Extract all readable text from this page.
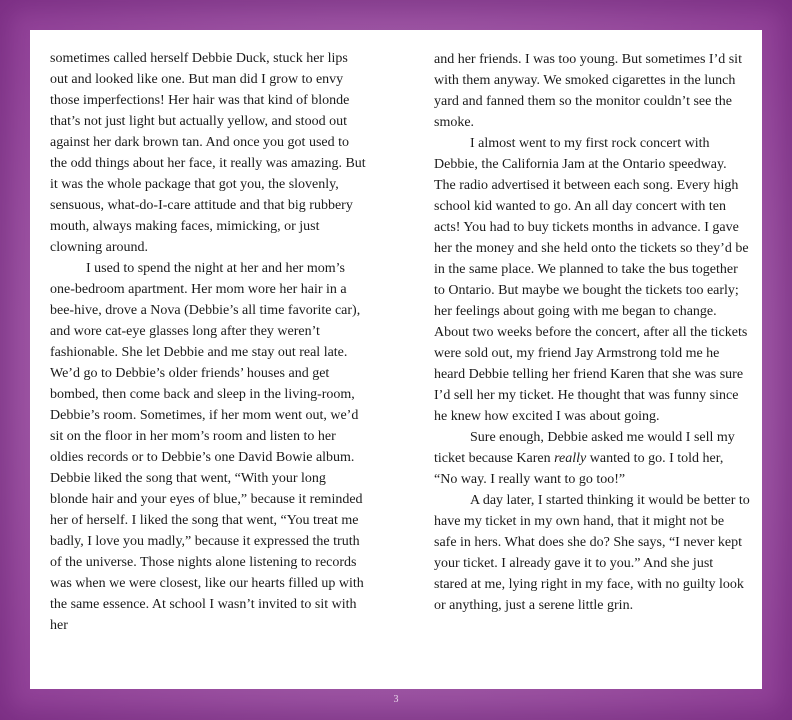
sometimes called herself Debbie Duck, stuck her lips out and looked like one. But man did I grow to envy those imperfections! Her hair was that kind of blonde that’s not just light but actually yellow, and stood out against her dark brown tan. And once you got used to the odd things about her face, it really was amazing. But it was the whole package that got you, the slovenly, sensuous, what-do-I-care attitude and that big rubbery mouth, always making faces, mimicking, or just clowning around.

I used to spend the night at her and her mom’s one-bedroom apartment. Her mom wore her hair in a bee-hive, drove a Nova (Debbie’s all time favorite car), and wore cat-eye glasses long after they weren’t fashionable. She let Debbie and me stay out real late. We’d go to Debbie’s older friends’ houses and get bombed, then come back and sleep in the living-room, Debbie’s room. Sometimes, if her mom went out, we’d sit on the floor in her mom’s room and listen to her oldies records or to Debbie’s one David Bowie album. Debbie liked the song that went, “With your long blonde hair and your eyes of blue,” because it reminded her of herself. I liked the song that went, “You treat me badly, I love you madly,” because it expressed the truth of the universe. Those nights alone listening to records was when we were closest, like our hearts filled up with the same essence. At school I wasn’t invited to sit with her

and her friends. I was too young. But sometimes I’d sit with them anyway. We smoked cigarettes in the lunch yard and fanned them so the monitor couldn’t see the smoke.

I almost went to my first rock concert with Debbie, the California Jam at the Ontario speedway. The radio advertised it between each song. Every high school kid wanted to go. An all day concert with ten acts! You had to buy tickets months in advance. I gave her the money and she held onto the tickets so they’d be in the same place. We planned to take the bus together to Ontario. But maybe we bought the tickets too early; her feelings about going with me began to change. About two weeks before the concert, after all the tickets were sold out, my friend Jay Armstrong told me he heard Debbie telling her friend Karen that she was sure I’d sell her my ticket. He thought that was funny since he knew how excited I was about going.

Sure enough, Debbie asked me would I sell my ticket because Karen really wanted to go. I told her, “No way. I really want to go too!”

A day later, I started thinking it would be better to have my ticket in my own hand, that it might not be safe in hers. What does she do? She says, “I never kept your ticket. I already gave it to you.” And she just stared at me, lying right in my face, with no guilty look or anything, just a serene little grin.

3
